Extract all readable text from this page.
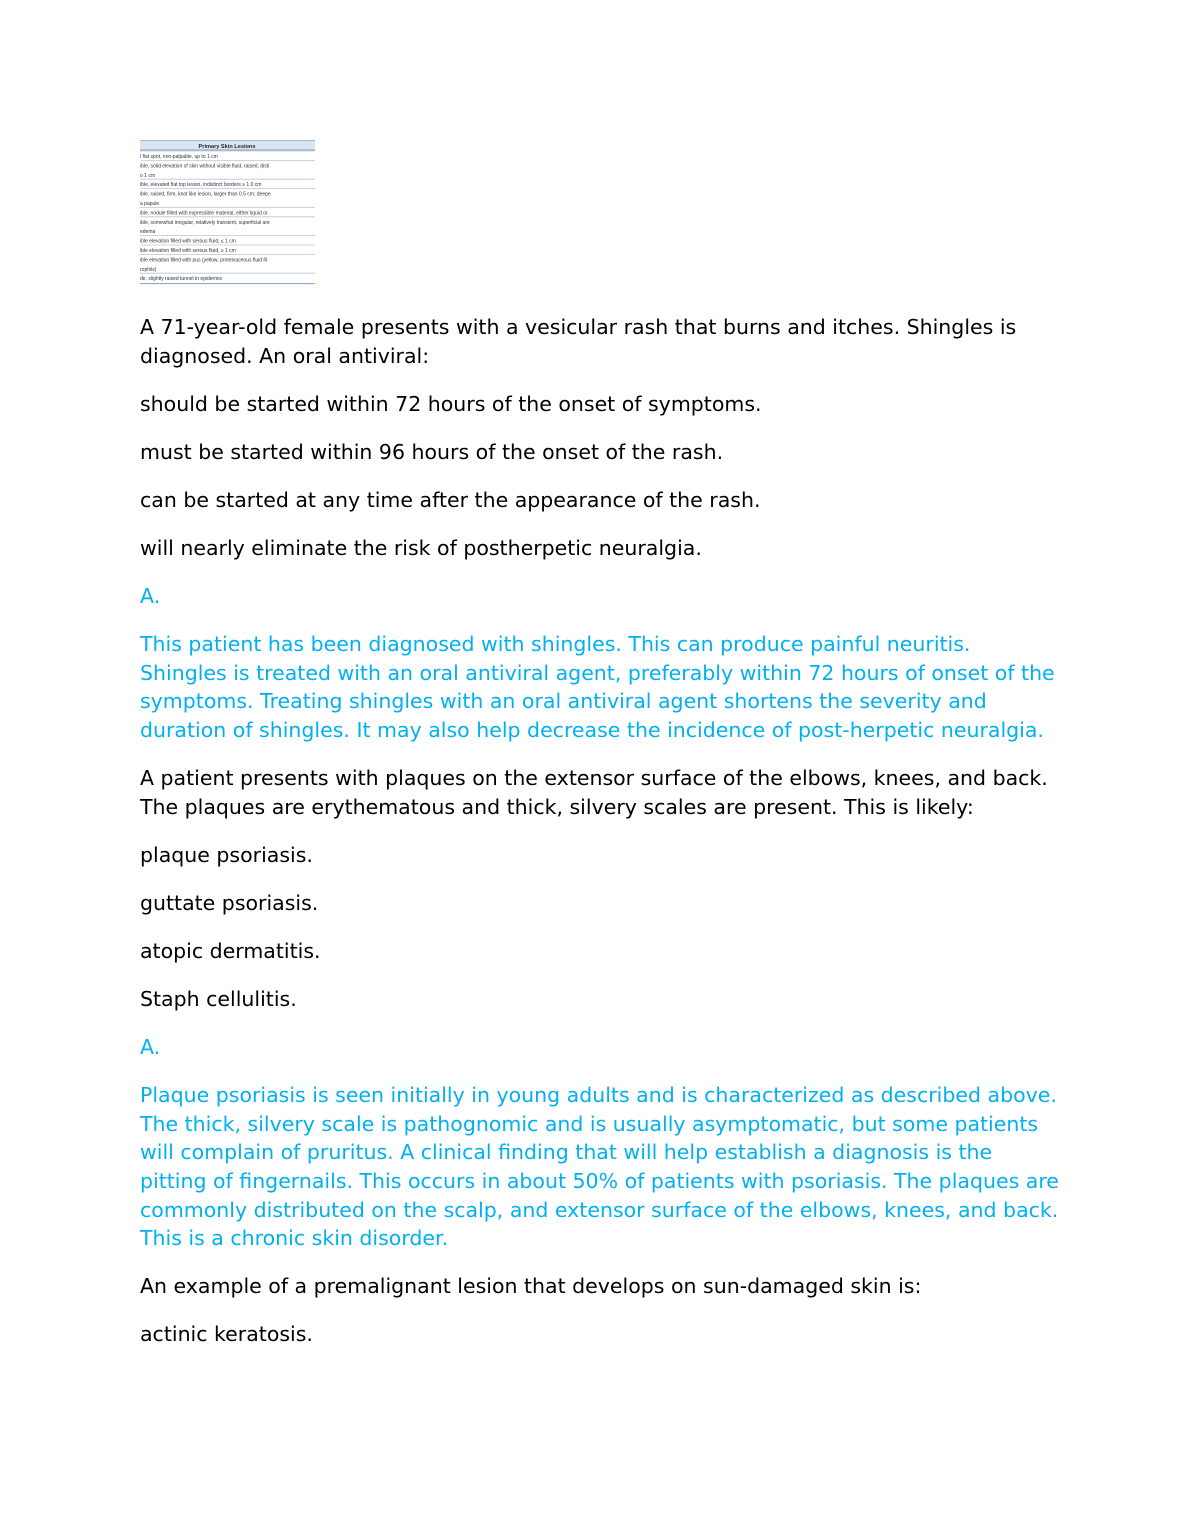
Primary Skin Lesions
l flat spot, non-palpable, up to 1 cm
ible, solid elevation of skin without visible fluid, raised, disti
o 1 cm
ible, elevated flat top lesion, indistinct borders ≥ 1.0 cm
ible, raised, firm, knot like lesion, larger than 0.5 cm; deepe
a papule
ible, nodule filled with expressible material, either liquid or
ible, somewhat irregular, relatively transient, superficial are
edema
ible elevation filled with serous fluid, ≤ 1 cm
ible elevation filled with serous fluid, ≥ 1 cm
ible elevation filled with pus (yellow, proteinaceous fluid fil
rophils)
de, slightly raised tunnel in epidermis

A 71-year-old female presents with a vesicular rash that burns and itches. Shingles is diagnosed. An oral antiviral:

should be started within 72 hours of the onset of symptoms.

must be started within 96 hours of the onset of the rash.

can be started at any time after the appearance of the rash.

will nearly eliminate the risk of postherpetic neuralgia.

A.

This patient has been diagnosed with shingles. This can produce painful neuritis. Shingles is treated with an oral antiviral agent, preferably within 72 hours of onset of the symptoms. Treating shingles with an oral antiviral agent shortens the severity and duration of shingles. It may also help decrease the incidence of post-herpetic neuralgia.

A patient presents with plaques on the extensor surface of the elbows, knees, and back. The plaques are erythematous and thick, silvery scales are present. This is likely:

plaque psoriasis.

guttate psoriasis.

atopic dermatitis.

Staph cellulitis.

A.

Plaque psoriasis is seen initially in young adults and is characterized as described above. The thick, silvery scale is pathognomic and is usually asymptomatic, but some patients will complain of pruritus. A clinical finding that will help establish a diagnosis is the pitting of fingernails. This occurs in about 50% of patients with psoriasis. The plaques are commonly distributed on the scalp, and extensor surface of the elbows, knees, and back. This is a chronic skin disorder.

An example of a premalignant lesion that develops on sun-damaged skin is:

actinic keratosis.
